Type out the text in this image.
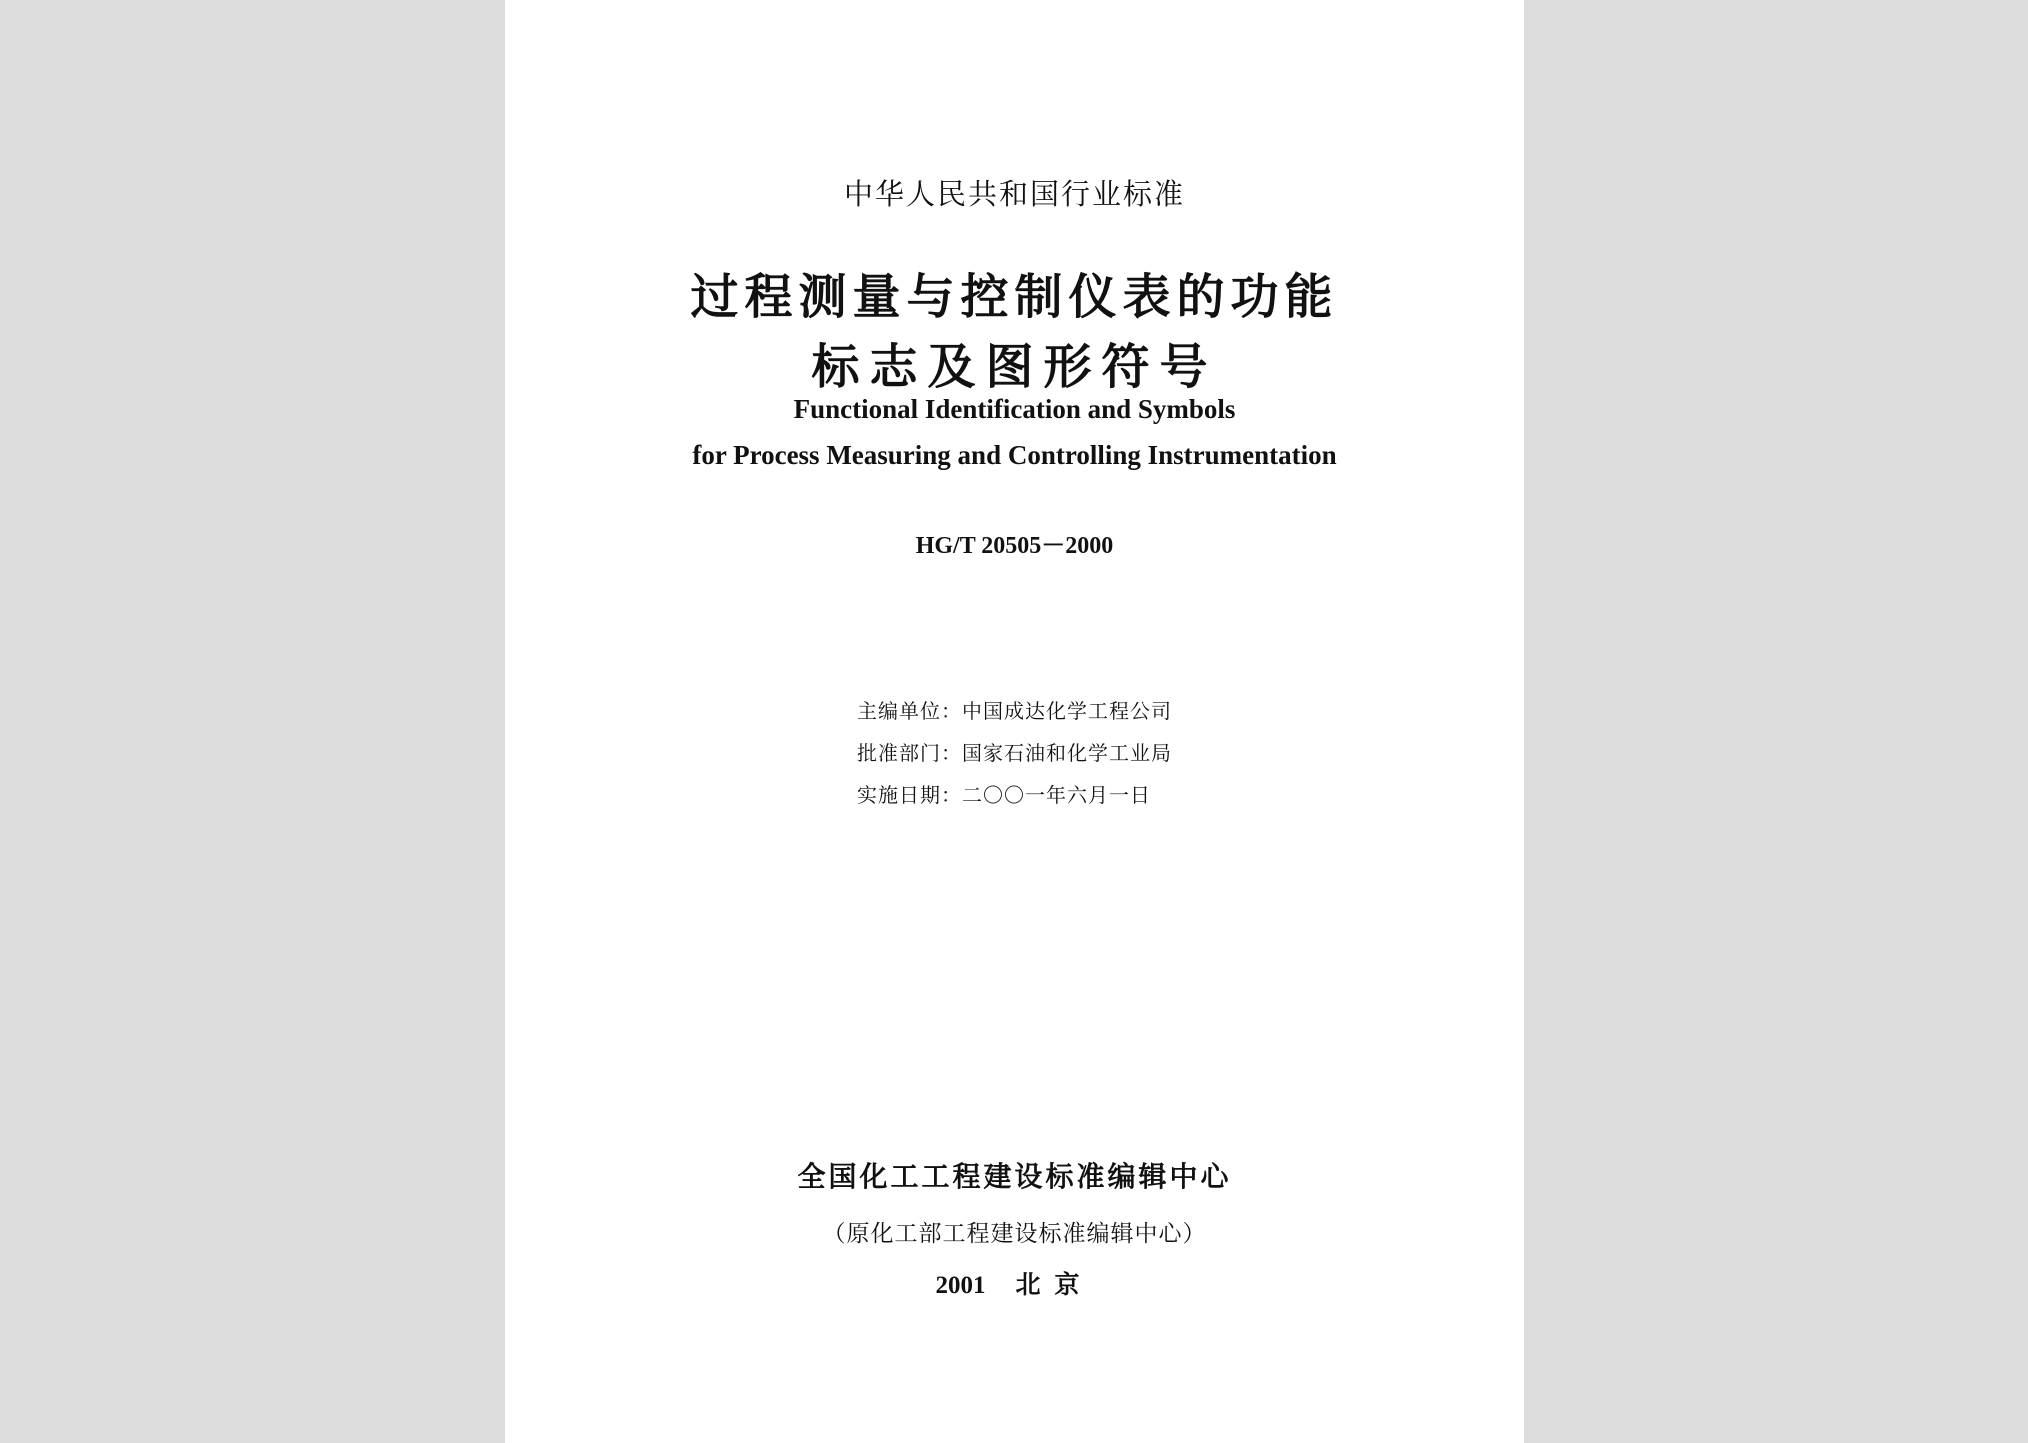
中华人民共和国行业标准
过程测量与控制仪表的功能
标志及图形符号
Functional Identification and Symbols
for Process Measuring and Controlling Instrumentation
HG/T 20505－2000
主编单位：中国成达化学工程公司
批准部门：国家石油和化学工业局
实施日期：二〇〇一年六月一日
全国化工工程建设标准编辑中心
（原化工部工程建设标准编辑中心）
2001 北京
